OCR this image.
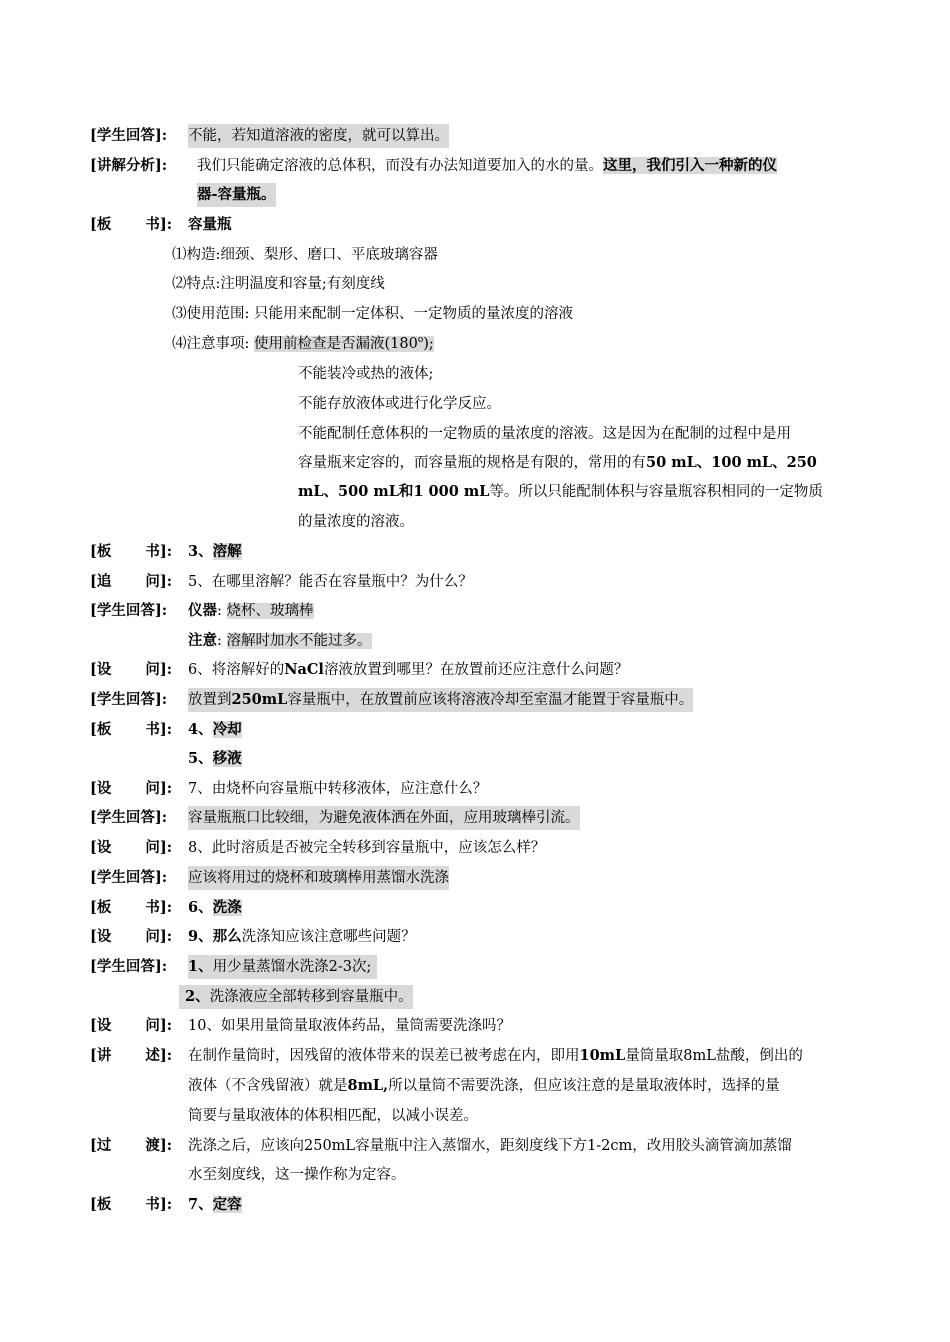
[学生回答]: 不能，若知道溶液的密度，就可以算出。
[讲解分析]: 我们只能确定溶液的总体积，而没有办法知道要加入的水的量。这里，我们引入一种新的仪
器-容量瓶。
[板 书]: 容量瓶
⑴构造:细颈、梨形、磨口、平底玻璃容器
⑵特点:注明温度和容量;有刻度线
⑶使用范围: 只能用来配制一定体积、一定物质的量浓度的溶液
⑷注意事项: 使用前检查是否漏液(180$^o$);
不能装冷或热的液体;
不能存放液体或进行化学反应。
不能配制任意体积的一定物质的量浓度的溶液。这是因为在配制的过程中是用
容量瓶来定容的，而容量瓶的规格是有限的，常用的有50 mL、100 mL、250
mL、500 mL和1 000 mL等。所以只能配制体积与容量瓶容积相同的一定物质
的量浓度的溶液。
[板 书]: 3、溶解
[追 问]: 5、在哪里溶解？能否在容量瓶中？为什么？
[学生回答]: 仪器: 烧杯、玻璃棒
注意: 溶解时加水不能过多。
[设 问]: 6、将溶解好的NaCl溶液放置到哪里？在放置前还应注意什么问题？
[学生回答]: 放置到250mL容量瓶中，在放置前应该将溶液冷却至室温才能置于容量瓶中。
[板 书]: 4、冷却
5、移液
[设 问]: 7、由烧杯向容量瓶中转移液体，应注意什么？
[学生回答]: 容量瓶瓶口比较细，为避免液体洒在外面，应用玻璃棒引流。
[设 问]: 8、此时溶质是否被完全转移到容量瓶中，应该怎么样？
[学生回答]: 应该将用过的烧杯和玻璃棒用蒸馏水洗涤
[板 书]: 6、洗涤
[设 问]: 9、那么洗涤知应该注意哪些问题？
[学生回答]: 1、用少量蒸馏水洗涤2-3次;
2、洗涤液应全部转移到容量瓶中。
[设 问]: 10、如果用量筒量取液体药品，量筒需要洗涤吗？
[讲 述]: 在制作量筒时，因残留的液体带来的误差已被考虑在内，即用10mL量筒量取8mL盐酸，倒出的
液体（不含残留液）就是8mL,所以量筒不需要洗涤，但应该注意的是量取液体时，选择的量
筒要与量取液体的体积相匹配，以减小误差。
[过 渡]: 洗涤之后，应该向250mL容量瓶中注入蒸馏水，距刻度线下方1-2cm，改用胶头滴管滴加蒸馏
水至刻度线，这一操作称为定容。
[板 书]: 7、定容
